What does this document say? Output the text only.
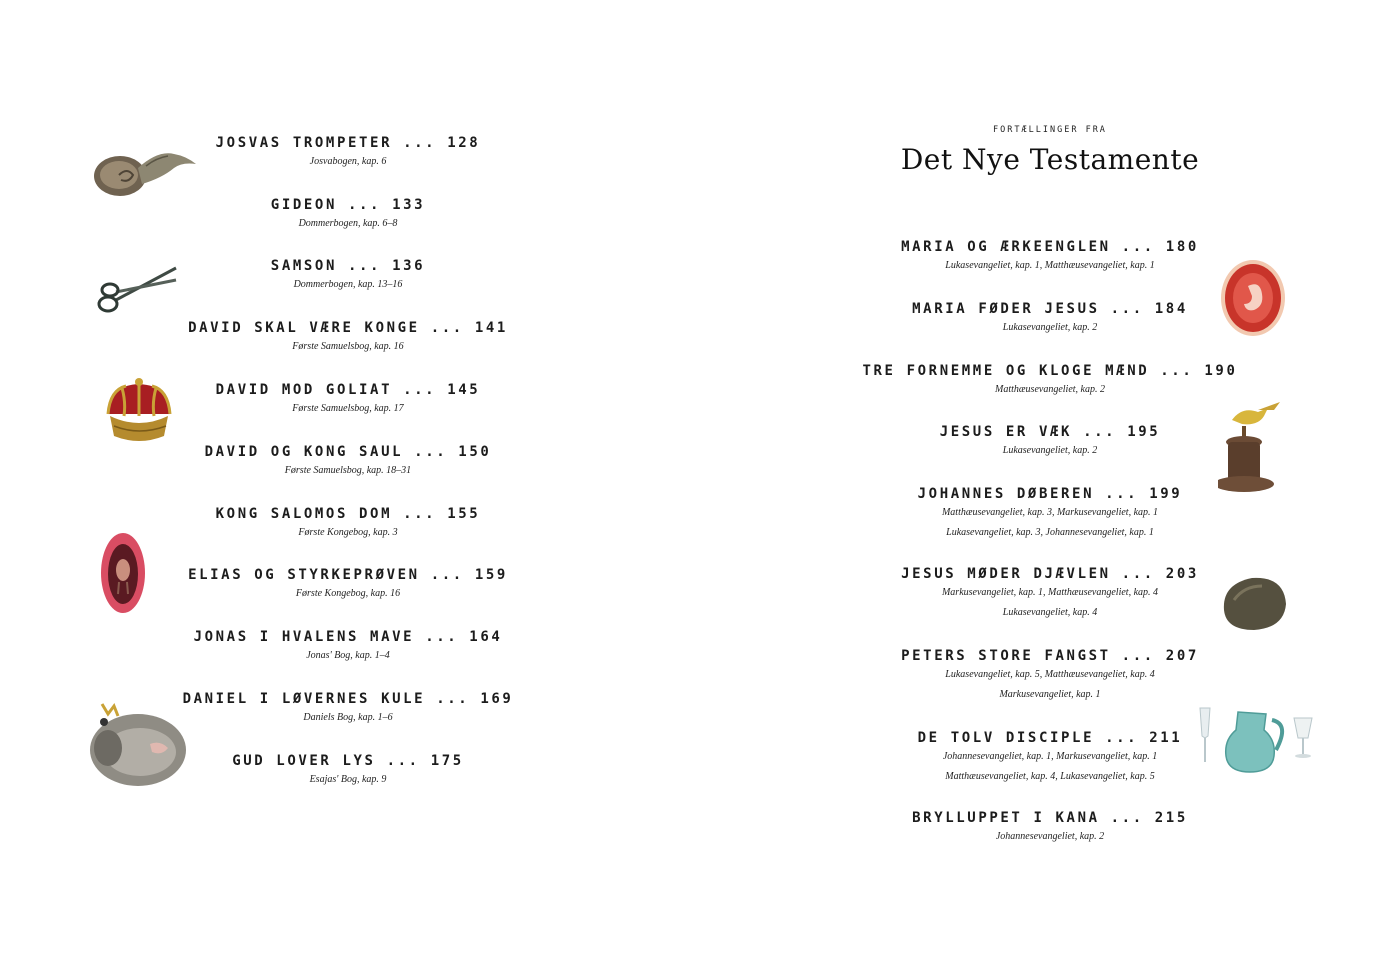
JOSVAS TROMPETER ... 128
Josvabogen, kap. 6
GIDEON ... 133
Dommerbogen, kap. 6–8
SAMSON ... 136
Dommerbogen, kap. 13–16
DAVID SKAL VÆRE KONGE ... 141
Første Samuelsbog, kap. 16
DAVID MOD GOLIAT ... 145
Første Samuelsbog, kap. 17
DAVID OG KONG SAUL ... 150
Første Samuelsbog, kap. 18–31
KONG SALOMOS DOM ... 155
Første Kongebog, kap. 3
ELIAS OG STYRKEPRØVEN ... 159
Første Kongebog, kap. 16
JONAS I HVALENS MAVE ... 164
Jonas' Bog, kap. 1–4
DANIEL I LØVERNES KULE ... 169
Daniels Bog, kap. 1–6
GUD LOVER LYS ... 175
Esajas' Bog, kap. 9
FORTÆLLINGER FRA
Det Nye Testamente
MARIA OG ÆRKEENGLEN ... 180
Lukasevangeliet, kap. 1, Matthæusevangeliet, kap. 1
MARIA FØDER JESUS ... 184
Lukasevangeliet, kap. 2
TRE FORNEMME OG KLOGE MÆND ... 190
Matthæusevangeliet, kap. 2
JESUS ER VÆK ... 195
Lukasevangeliet, kap. 2
JOHANNES DØBEREN ... 199
Matthæusevangeliet, kap. 3, Markusevangeliet, kap. 1
Lukasevangeliet, kap. 3, Johannesevangeliet, kap. 1
JESUS MØDER DJÆVLEN ... 203
Markusevangeliet, kap. 1, Matthæusevangeliet, kap. 4
Lukasevangeliet, kap. 4
PETERS STORE FANGST ... 207
Lukasevangeliet, kap. 5, Matthæusevangeliet, kap. 4
Markusevangeliet, kap. 1
DE TOLV DISCIPLE ... 211
Johannesevangeliet, kap. 1, Markusevangeliet, kap. 1
Matthæusevangeliet, kap. 4, Lukasevangeliet, kap. 5
BRYLLUPPET I KANA ... 215
Johannesevangeliet, kap. 2
